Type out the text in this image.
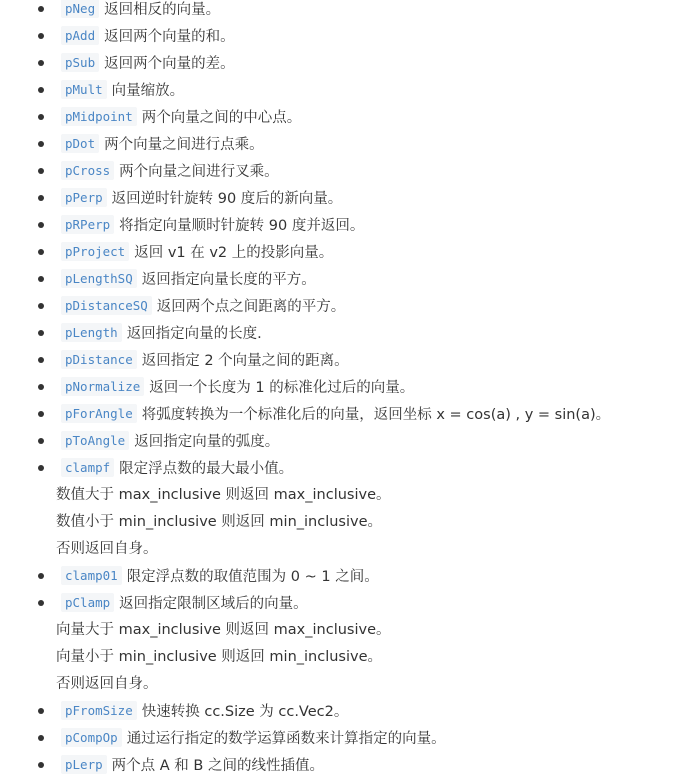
pNeg 返回相反的向量。
pAdd 返回两个向量的和。
pSub 返回两个向量的差。
pMult 向量缩放。
pMidpoint 两个向量之间的中心点。
pDot 两个向量之间进行点乘。
pCross 两个向量之间进行叉乘。
pPerp 返回逆时针旋转 90 度后的新向量。
pRPerp 将指定向量顺时针旋转 90 度并返回。
pProject 返回 v1 在 v2 上的投影向量。
pLengthSQ 返回指定向量长度的平方。
pDistanceSQ 返回两个点之间距离的平方。
pLength 返回指定向量的长度.
pDistance 返回指定 2 个向量之间的距离。
pNormalize 返回一个长度为 1 的标准化过后的向量。
pForAngle 将弧度转换为一个标准化后的向量，返回坐标 x = cos(a) , y = sin(a)。
pToAngle 返回指定向量的弧度。
clampf 限定浮点数的最大最小值。
数值大于 max_inclusive 则返回 max_inclusive。
数值小于 min_inclusive 则返回 min_inclusive。
否则返回自身。
clamp01 限定浮点数的取值范围为 0 ~ 1 之间。
pClamp 返回指定限制区域后的向量。
向量大于 max_inclusive 则返回 max_inclusive。
向量小于 min_inclusive 则返回 min_inclusive。
否则返回自身。
pFromSize 快速转换 cc.Size 为 cc.Vec2。
pCompOp 通过运行指定的数学运算函数来计算指定的向量。
pLerp 两个点 A 和 B 之间的线性插值。
